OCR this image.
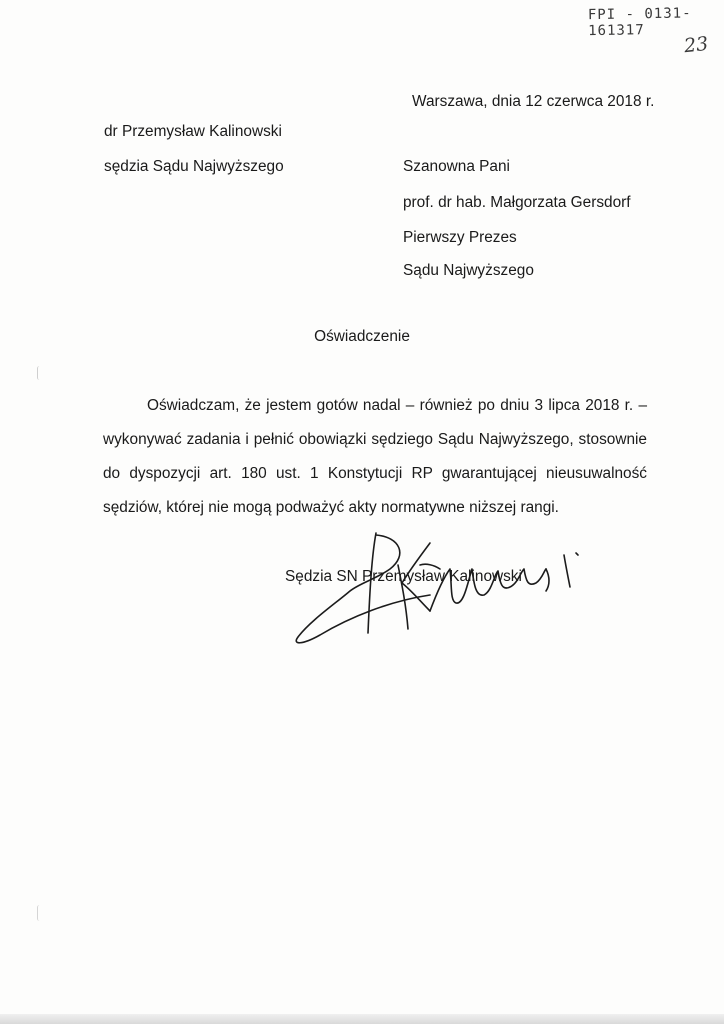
FPI - 0131-161317
23
Warszawa, dnia 12 czerwca 2018 r.
dr Przemysław Kalinowski
sędzia Sądu Najwyższego	Szanowna Pani
prof. dr hab. Małgorzata Gersdorf
Pierwszy Prezes
Sądu Najwyższego
Oświadczenie

Oświadczam, że jestem gotów nadal – również po dniu 3 lipca 2018 r. – wykonywać zadania i pełnić obowiązki sędziego Sądu Najwyższego, stosownie do dyspozycji art. 180 ust. 1 Konstytucji RP gwarantującej nieusuwalność sędziów, której nie mogą podważyć akty normatywne niższej rangi.

Sędzia SN Przemysław Kalinowski
